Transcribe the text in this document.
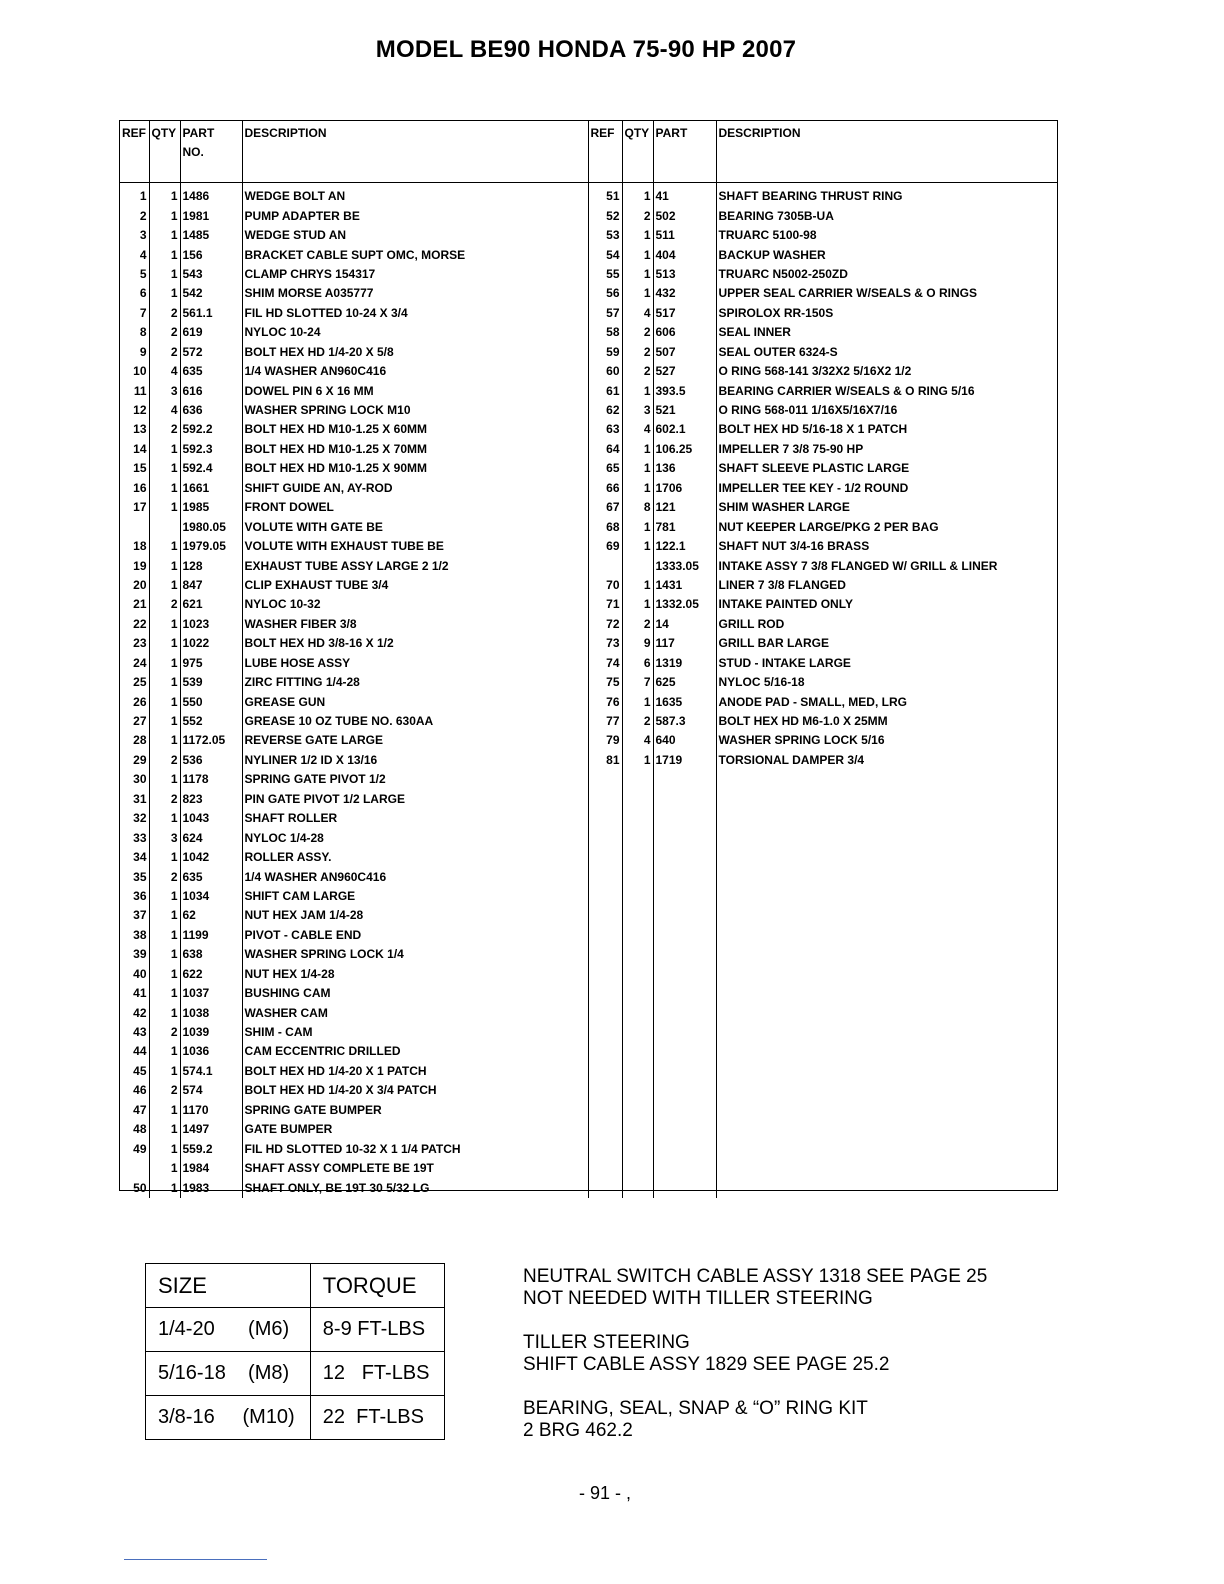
MODEL BE90 HONDA 75-90 HP 2007
REF	QTY	PART
NO.	DESCRIPTION	REF	QTY	PART	DESCRIPTION

1	1	1486	WEDGE BOLT AN	51	1	41	SHAFT BEARING THRUST RING
2	1	1981	PUMP ADAPTER BE	52	2	502	BEARING 7305B-UA
3	1	1485	WEDGE STUD AN	53	1	511	TRUARC 5100-98
4	1	156	BRACKET CABLE SUPT OMC, MORSE	54	1	404	BACKUP WASHER
5	1	543	CLAMP CHRYS 154317	55	1	513	TRUARC N5002-250ZD
6	1	542	SHIM MORSE A035777	56	1	432	UPPER SEAL CARRIER W/SEALS & O RINGS
7	2	561.1	FIL HD SLOTTED 10-24 X 3/4	57	4	517	SPIROLOX RR-150S
8	2	619	NYLOC 10-24	58	2	606	SEAL INNER
9	2	572	BOLT HEX HD 1/4-20 X 5/8	59	2	507	SEAL OUTER 6324-S
10	4	635	1/4 WASHER AN960C416	60	2	527	O RING 568-141 3/32X2 5/16X2 1/2
11	3	616	DOWEL PIN 6 X 16 MM	61	1	393.5	BEARING CARRIER W/SEALS & O RING 5/16
12	4	636	WASHER SPRING LOCK M10	62	3	521	O RING 568-011 1/16X5/16X7/16
13	2	592.2	BOLT HEX HD M10-1.25 X 60MM	63	4	602.1	BOLT HEX HD 5/16-18 X 1 PATCH
14	1	592.3	BOLT HEX HD M10-1.25 X 70MM	64	1	106.25	IMPELLER 7 3/8 75-90 HP
15	1	592.4	BOLT HEX HD M10-1.25 X 90MM	65	1	136	SHAFT SLEEVE PLASTIC LARGE
16	1	1661	SHIFT GUIDE AN, AY-ROD	66	1	1706	IMPELLER TEE KEY - 1/2 ROUND
17	1	1985	FRONT DOWEL	67	8	121	SHIM WASHER LARGE
		1980.05	VOLUTE WITH GATE BE	68	1	781	NUT KEEPER LARGE/PKG 2 PER BAG
18	1	1979.05	VOLUTE WITH EXHAUST TUBE BE	69	1	122.1	SHAFT NUT 3/4-16 BRASS
19	1	128	EXHAUST TUBE ASSY LARGE 2 1/2			1333.05	INTAKE ASSY 7 3/8 FLANGED W/ GRILL & LINER
20	1	847	CLIP EXHAUST TUBE 3/4	70	1	1431	LINER 7 3/8 FLANGED
21	2	621	NYLOC 10-32	71	1	1332.05	INTAKE PAINTED ONLY
22	1	1023	WASHER FIBER 3/8	72	2	14	GRILL ROD
23	1	1022	BOLT HEX HD 3/8-16 X 1/2	73	9	117	GRILL BAR LARGE
24	1	975	LUBE HOSE ASSY	74	6	1319	STUD - INTAKE LARGE
25	1	539	ZIRC FITTING 1/4-28	75	7	625	NYLOC 5/16-18
26	1	550	GREASE GUN	76	1	1635	ANODE PAD - SMALL, MED, LRG
27	1	552	GREASE 10 OZ TUBE NO. 630AA	77	2	587.3	BOLT HEX HD M6-1.0 X 25MM
28	1	1172.05	REVERSE GATE LARGE	79	4	640	WASHER SPRING LOCK 5/16
29	2	536	NYLINER 1/2 ID X 13/16	81	1	1719	TORSIONAL DAMPER 3/4
30	1	1178	SPRING GATE PIVOT 1/2				
31	2	823	PIN GATE PIVOT 1/2 LARGE				
32	1	1043	SHAFT ROLLER				
33	3	624	NYLOC 1/4-28				
34	1	1042	ROLLER ASSY.				
35	2	635	1/4 WASHER AN960C416				
36	1	1034	SHIFT CAM LARGE				
37	1	62	NUT HEX JAM 1/4-28				
38	1	1199	PIVOT - CABLE END				
39	1	638	WASHER SPRING LOCK 1/4				
40	1	622	NUT HEX 1/4-28				
41	1	1037	BUSHING CAM				
42	1	1038	WASHER CAM				
43	2	1039	SHIM - CAM				
44	1	1036	CAM ECCENTRIC DRILLED				
45	1	574.1	BOLT HEX HD 1/4-20 X 1 PATCH				
46	2	574	BOLT HEX HD 1/4-20 X 3/4 PATCH				
47	1	1170	SPRING GATE BUMPER				
48	1	1497	GATE BUMPER				
49	1	559.2	FIL HD SLOTTED 10-32 X 1 1/4 PATCH				
	1	1984	SHAFT ASSY COMPLETE BE 19T				
50	1	1983	SHAFT ONLY, BE 19T 30 5/32 LG				
SIZE	TORQUE
1/4-20      (M6)	8-9 FT-LBS
5/16-18    (M8)	12   FT-LBS
3/8-16     (M10)	22  FT-LBS

NEUTRAL SWITCH CABLE ASSY 1318 SEE PAGE 25
NOT NEEDED WITH TILLER STEERING

TILLER STEERING
SHIFT CABLE ASSY 1829 SEE PAGE 25.2

BEARING, SEAL, SNAP & “O” RING KIT
2 BRG 462.2

- 91 - ,
